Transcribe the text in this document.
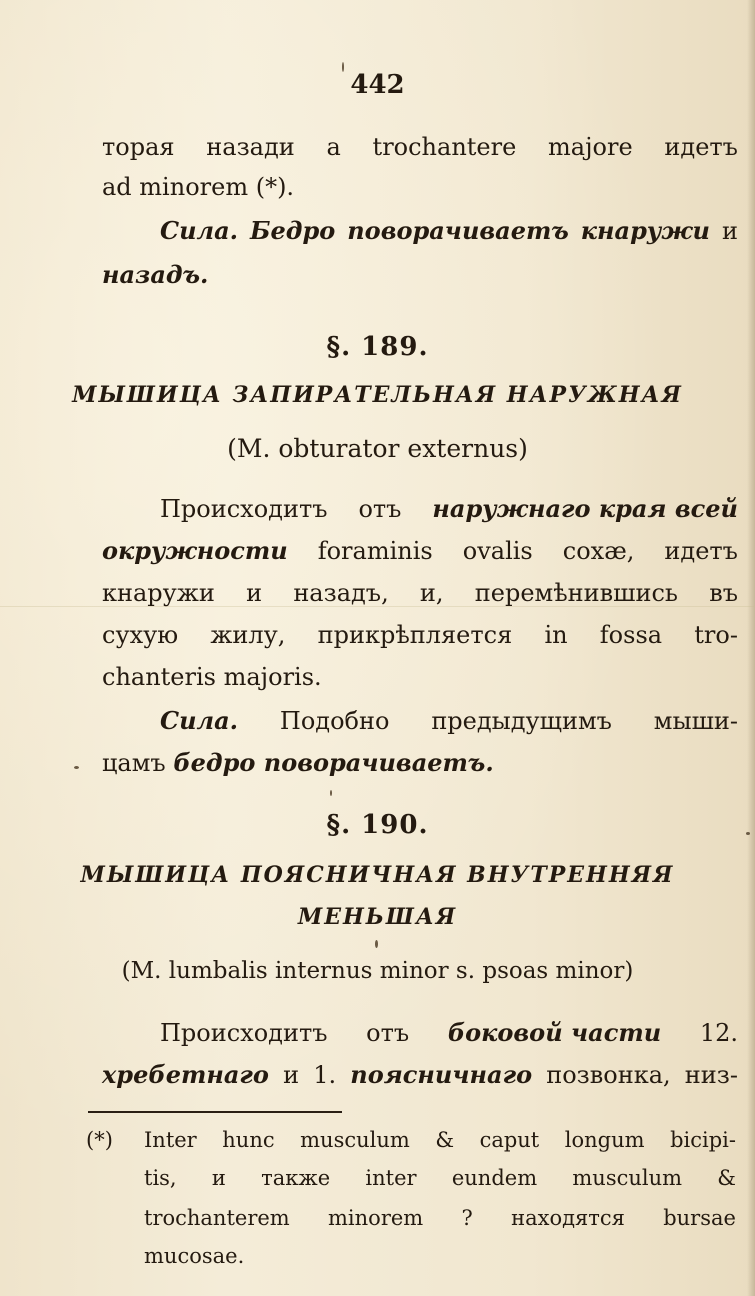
442
торая назади a trochantere majore идетъ
ad minorem (*).
Сила. Бедро поворачиваетъ кнаружи и
назадъ.
§. 189.
МЫШИЦА ЗАПИРАТЕЛЬНАЯ НАРУЖНАЯ
(M. obturator externus)
Происходитъ отъ наружнаго края всей
окружности foraminis ovalis coxæ, идетъ
кнаружи и назадъ, и, перемѣнившись въ
сухую жилу, прикрѣпляется in fossa tro-
chanteris majoris.
Сила. Подобно предыдущимъ мыши-
цамъ бедро поворачиваетъ.
§. 190.
МЫШИЦА ПОЯСНИЧНАЯ ВНУТРЕННЯЯ
МЕНЬШАЯ
(M. lumbalis internus minor s. psoas minor)
Происходитъ отъ боковой части 12.
хребетнаго и 1. поясничнаго позвонка, низ-
(*) Inter hunc musculum & caput longum bicipi-
tis, и также inter eundem musculum &
trochanterem minorem ? находятся bursae
mucosae.
